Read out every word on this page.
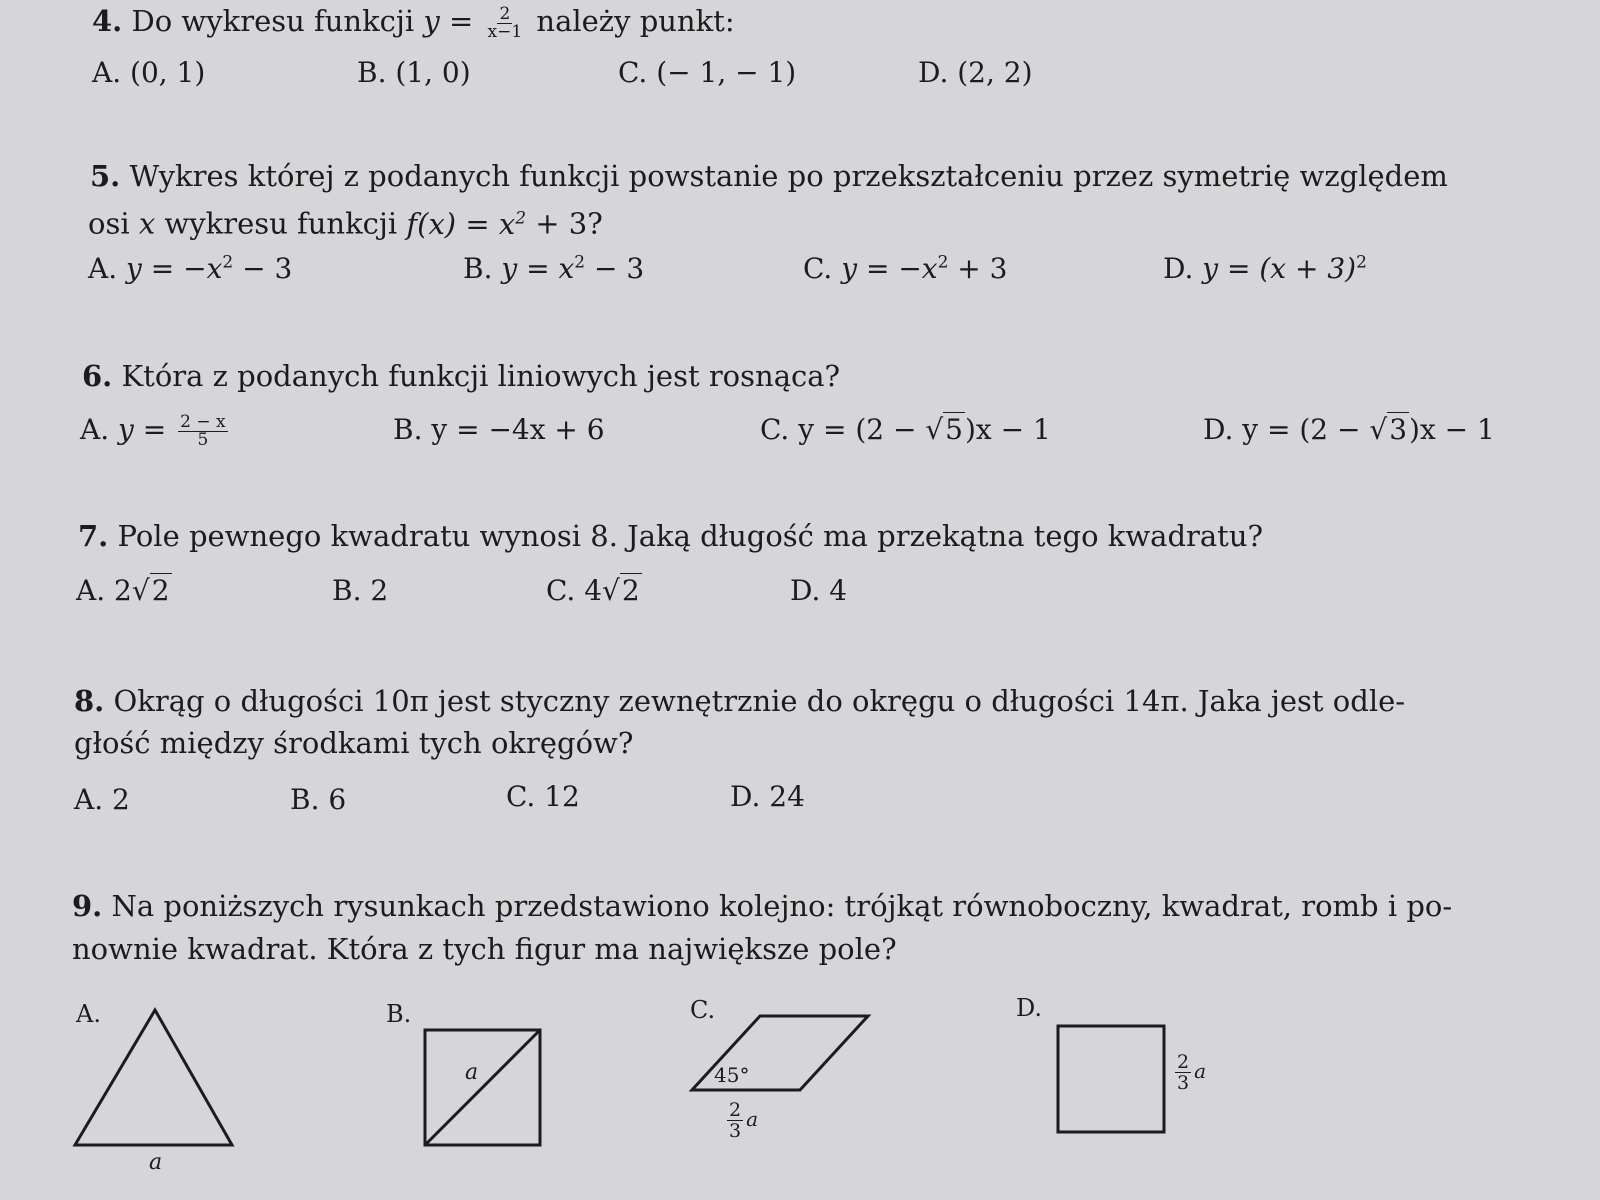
4. Do wykresu funkcji $y = \frac{2}{x-1}$ należy punkt:
A. (0, 1)	B. (1, 0)	C. (− 1, − 1)	D. (2, 2)
5. Wykres której z podanych funkcji powstanie po przekształceniu przez symetrię względem
osi x wykresu funkcji $f(x) = x^2 + 3$?
A. $y = -x^2 - 3$	B. $y = x^2 - 3$	C. $y = -x^2 + 3$	D. $y = (x + 3)^2$
6. Która z podanych funkcji liniowych jest rosnąca?
A. $y = \frac{2 - x}{5}$	B. y = −4x + 6	C. y = (2 − √5)x − 1	D. y = (2 − √3)x − 1
7. Pole pewnego kwadratu wynosi 8. Jaką długość ma przekątna tego kwadratu?
A. 2√2	B. 2	C. 4√2	D. 4
8. Okrąg o długości 10π jest styczny zewnętrznie do okręgu o długości 14π. Jaka jest odle-
głość między środkami tych okręgów?
A. 2	B. 6	C. 12	D. 24
9. Na poniższych rysunkach przedstawiono kolejno: trójkąt równoboczny, kwadrat, romb i po-
nownie kwadrat. Która z tych figur ma największe pole?
A.	B.	C.	D.
a
a	45°
$\frac{2}{3}$ a
$\frac{2}{3}$ a
